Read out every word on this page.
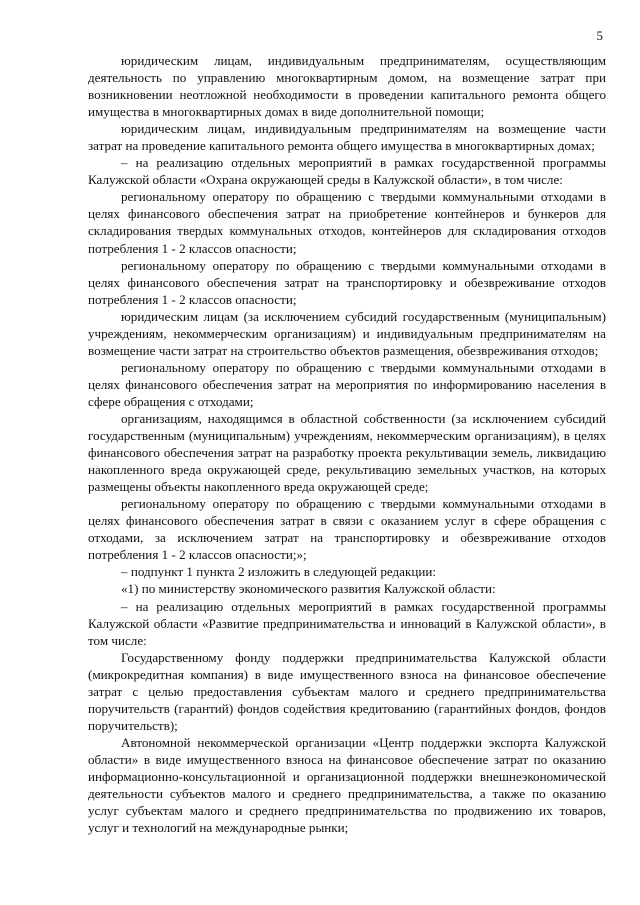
5

юридическим лицам, индивидуальным предпринимателям, осуществляющим деятельность по управлению многоквартирным домом, на возмещение затрат при возникновении неотложной необходимости в проведении капитального ремонта общего имущества в многоквартирных домах в виде дополнительной помощи;

юридическим лицам, индивидуальным предпринимателям на возмещение части затрат на проведение капитального ремонта общего имущества в многоквартирных домах;

– на реализацию отдельных мероприятий в рамках государственной программы Калужской области «Охрана окружающей среды в Калужской области», в том числе:

региональному оператору по обращению с твердыми коммунальными отходами в целях финансового обеспечения затрат на приобретение контейнеров и бункеров для складирования твердых коммунальных отходов, контейнеров для складирования отходов потребления 1 - 2 классов опасности;

региональному оператору по обращению с твердыми коммунальными отходами в целях финансового обеспечения затрат на транспортировку и обезвреживание отходов потребления 1 - 2 классов опасности;

юридическим лицам (за исключением субсидий государственным (муниципальным) учреждениям, некоммерческим организациям) и индивидуальным предпринимателям на возмещение части затрат на строительство объектов размещения, обезвреживания отходов;

региональному оператору по обращению с твердыми коммунальными отходами в целях финансового обеспечения затрат на мероприятия по информированию населения в сфере обращения с отходами;

организациям, находящимся в областной собственности (за исключением субсидий государственным (муниципальным) учреждениям, некоммерческим организациям), в целях финансового обеспечения затрат на разработку проекта рекультивации земель, ликвидацию накопленного вреда окружающей среде, рекультивацию земельных участков, на которых размещены объекты накопленного вреда окружающей среде;

региональному оператору по обращению с твердыми коммунальными отходами в целях финансового обеспечения затрат в связи с оказанием услуг в сфере обращения с отходами, за исключением затрат на транспортировку и обезвреживание отходов потребления 1 - 2 классов опасности;»;

– подпункт 1 пункта 2 изложить в следующей редакции:

«1) по министерству экономического развития Калужской области:

– на реализацию отдельных мероприятий в рамках государственной программы Калужской области «Развитие предпринимательства и инноваций в Калужской области», в том числе:

Государственному фонду поддержки предпринимательства Калужской области (микрокредитная компания) в виде имущественного взноса на финансовое обеспечение затрат с целью предоставления субъектам малого и среднего предпринимательства поручительств (гарантий) фондов содействия кредитованию (гарантийных фондов, фондов поручительств);

Автономной некоммерческой организации «Центр поддержки экспорта Калужской области» в виде имущественного взноса на финансовое обеспечение затрат по оказанию информационно-консультационной и организационной поддержки внешнеэкономической деятельности субъектов малого и среднего предпринимательства, а также по оказанию услуг субъектам малого и среднего предпринимательства по продвижению их товаров, услуг и технологий на международные рынки;
